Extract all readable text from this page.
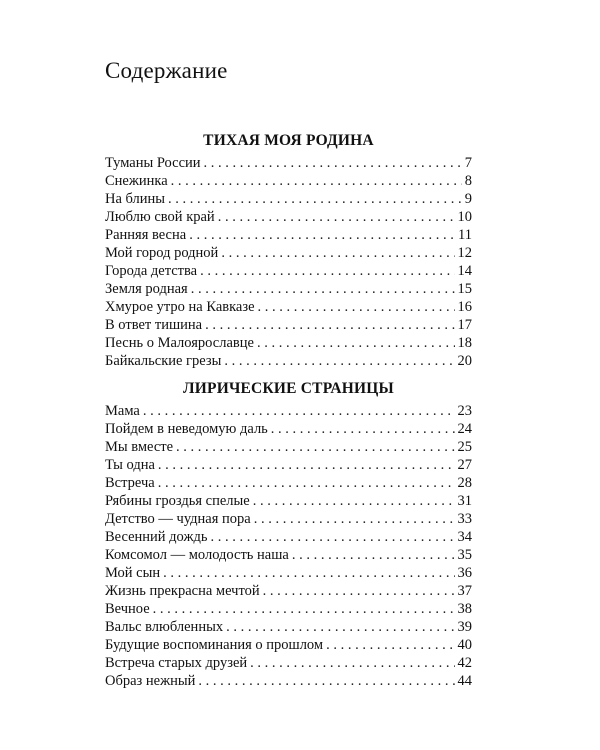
Содержание
ТИХАЯ МОЯ РОДИНА
Туманы России . . .	7
Снежинка . . .	8
На блины . . .	9
Люблю свой край . . .	10
Ранняя весна . . .	11
Мой город родной . . .	12
Города детства . . .	14
Земля родная . . .	15
Хмурое утро на Кавказе . . .	16
В ответ тишина . . .	17
Песнь о Малоярославце . . .	18
Байкальские грезы . . .	20
ЛИРИЧЕСКИЕ СТРАНИЦЫ
Мама . . .	23
Пойдем в неведомую даль . . .	24
Мы вместе . . .	25
Ты одна . . .	27
Встреча . . .	28
Рябины гроздья спелые . . .	31
Детство — чудная пора . . .	33
Весенний дождь . . .	34
Комсомол — молодость наша . . .	35
Мой сын . . .	36
Жизнь прекрасна мечтой . . .	37
Вечное . . .	38
Вальс влюбленных . . .	39
Будущие воспоминания о прошлом . . .	40
Встреча старых друзей . . .	42
Образ нежный . . .	44
